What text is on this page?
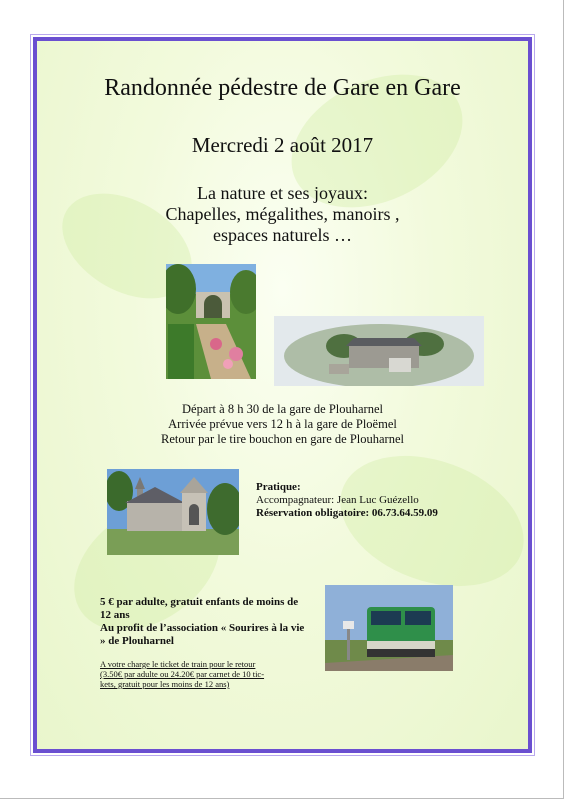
Randonnée pédestre de Gare en Gare

Mercredi 2 août 2017

La nature et ses joyaux:
Chapelles, mégalithes, manoirs ,
espaces naturels …
Départ à 8 h 30 de la gare de Plouharnel
Arrivée prévue vers 12 h à la gare de Ploëmel
Retour par le tire bouchon en gare de Plouharnel
Pratique:
Accompagnateur: Jean Luc Guézello
Réservation obligatoire: 06.73.64.59.09
5 € par adulte, gratuit enfants de moins de 12 ans
Au profit de l’association « Sourires à la vie » de Plouharnel
A votre charge le ticket de train pour le retour
(3.50€ par adulte ou 24.20€ par carnet de 10 tic-
kets, gratuit pour les moins de 12 ans)
